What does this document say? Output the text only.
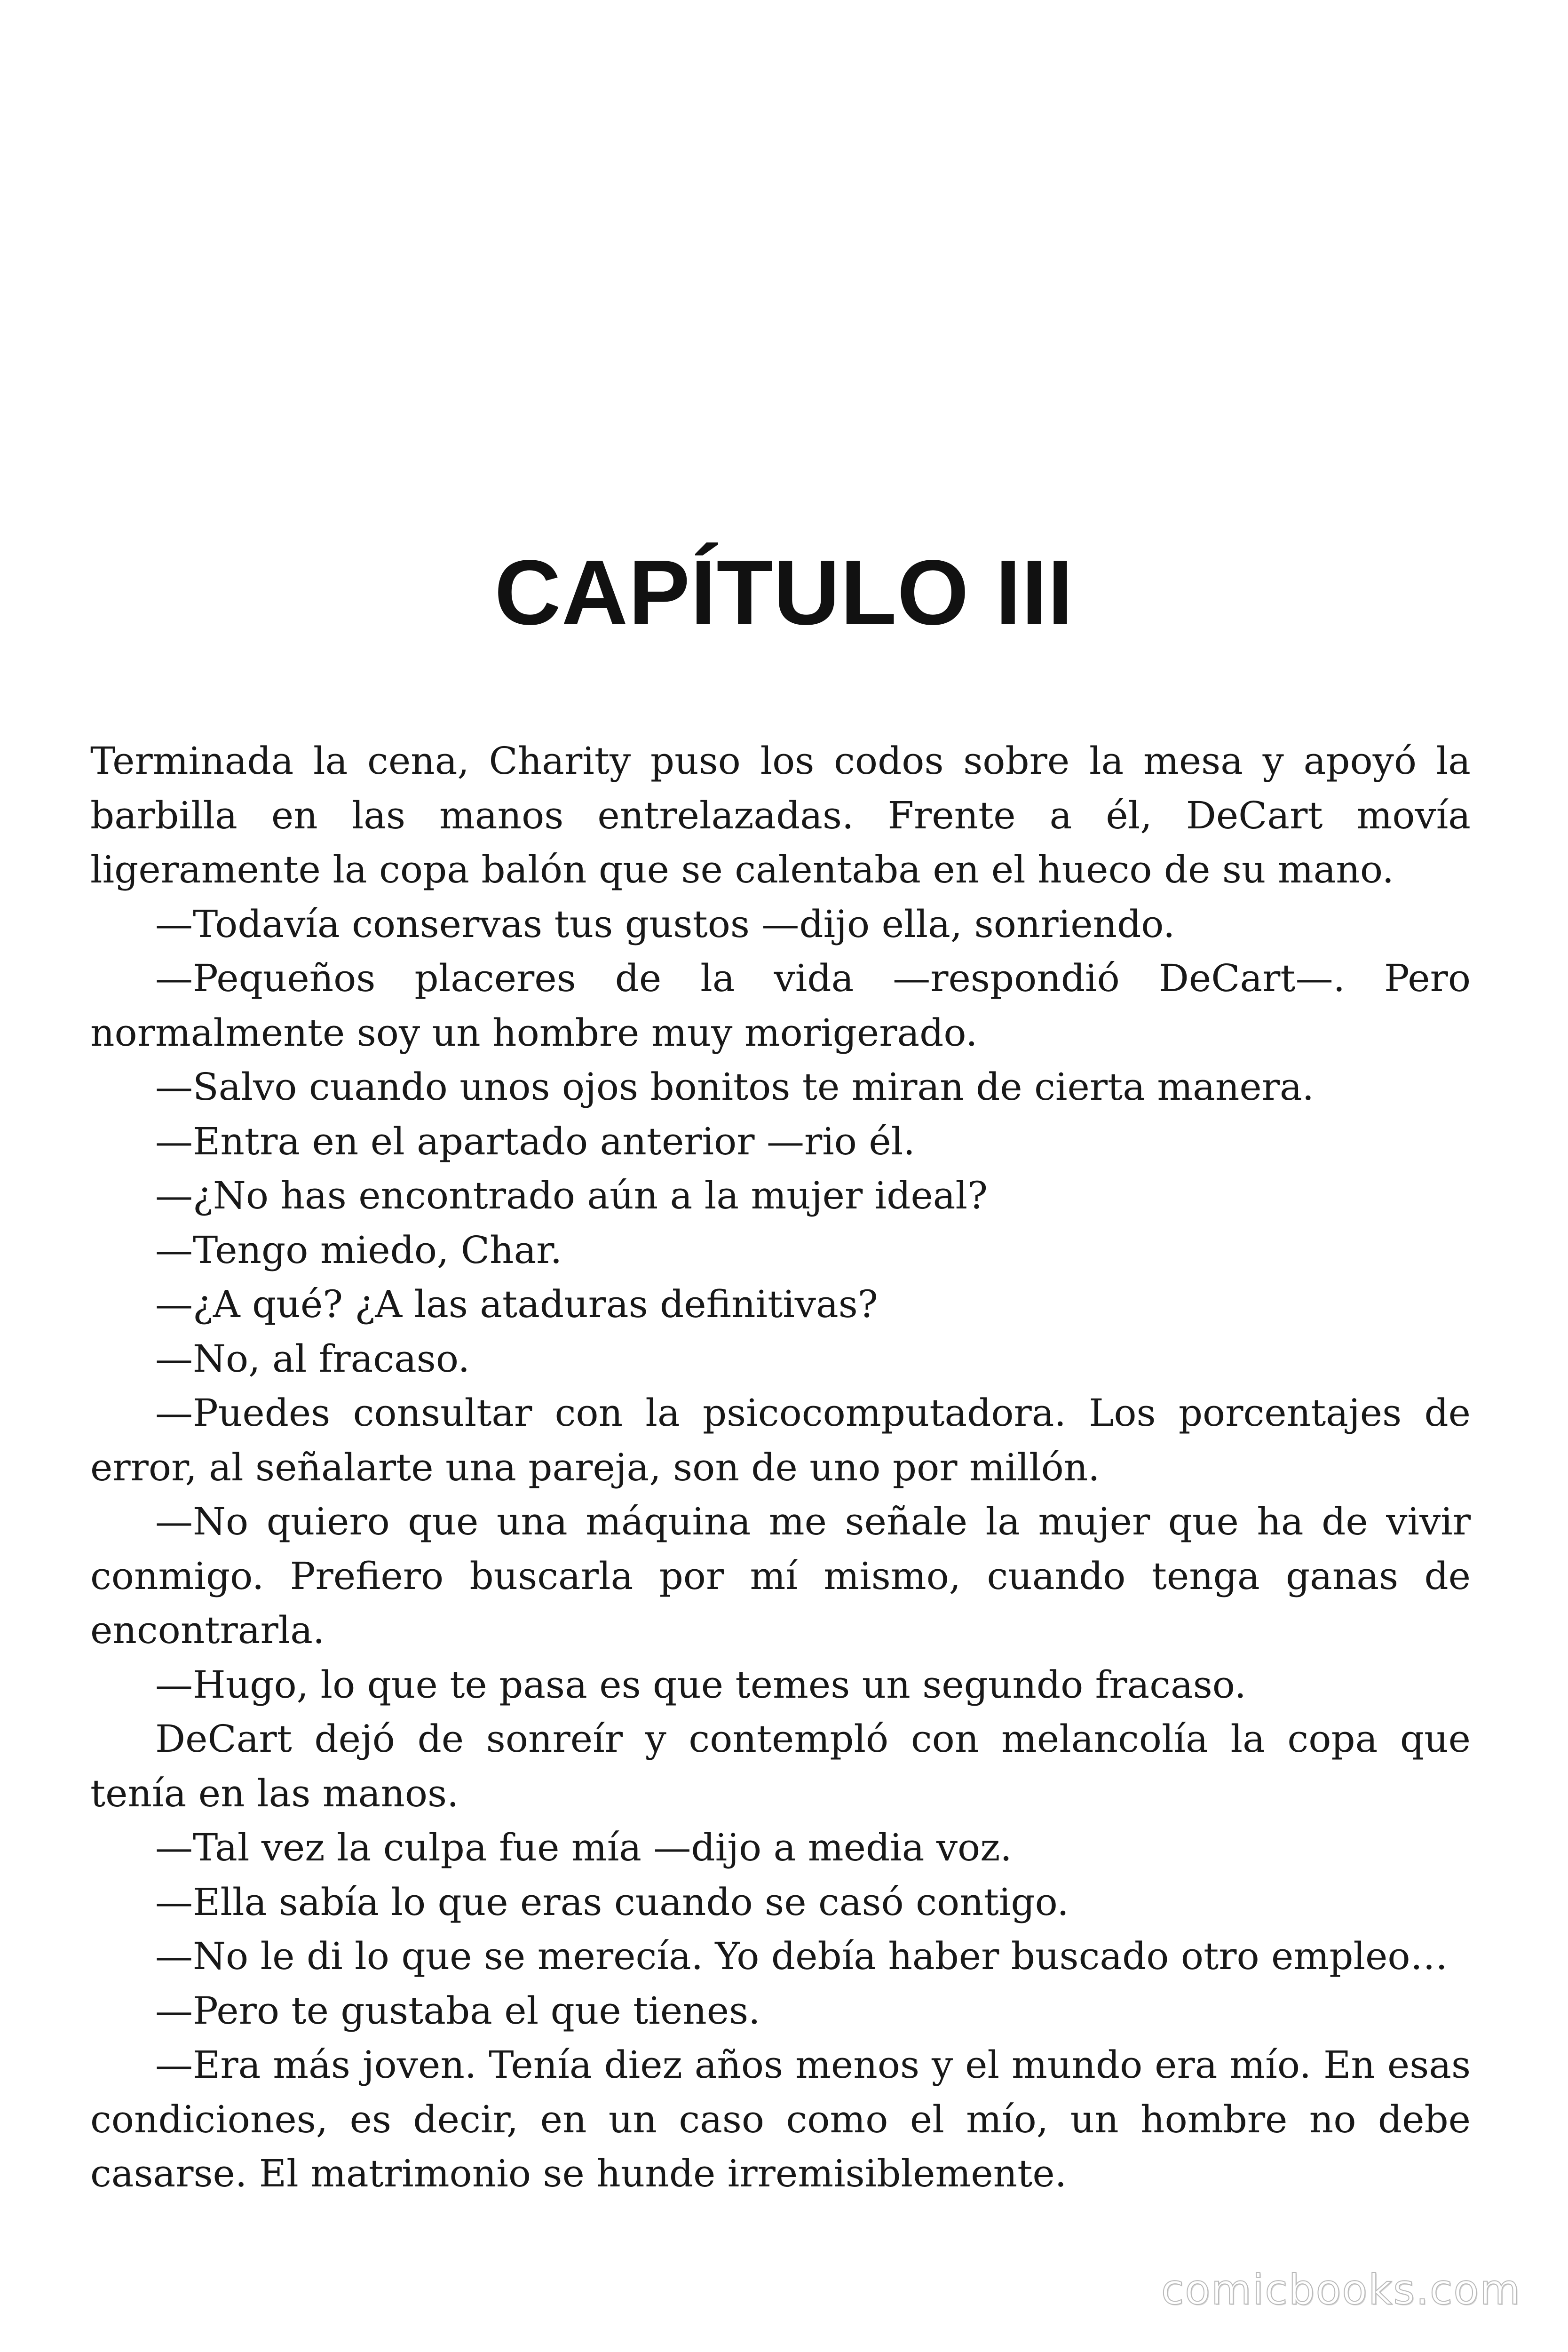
CAPÍTULO III

Terminada la cena, Charity puso los codos sobre la mesa y apoyó la barbilla en las manos entrelazadas. Frente a él, DeCart movía ligeramente la copa balón que se calentaba en el hueco de su mano.

—Todavía conservas tus gustos —dijo ella, sonriendo.

—Pequeños placeres de la vida —respondió DeCart—. Pero normalmente soy un hombre muy morigerado.

—Salvo cuando unos ojos bonitos te miran de cierta manera.

—Entra en el apartado anterior —rio él.

—¿No has encontrado aún a la mujer ideal?

—Tengo miedo, Char.

—¿A qué? ¿A las ataduras definitivas?

—No, al fracaso.

—Puedes consultar con la psicocomputadora. Los porcentajes de error, al señalarte una pareja, son de uno por millón.

—No quiero que una máquina me señale la mujer que ha de vivir conmigo. Prefiero buscarla por mí mismo, cuando tenga ganas de encontrarla.

—Hugo, lo que te pasa es que temes un segundo fracaso.

DeCart dejó de sonreír y contempló con melancolía la copa que tenía en las manos.

—Tal vez la culpa fue mía —dijo a media voz.

—Ella sabía lo que eras cuando se casó contigo.

—No le di lo que se merecía. Yo debía haber buscado otro empleo…

—Pero te gustaba el que tienes.

—Era más joven. Tenía diez años menos y el mundo era mío. En esas condiciones, es decir, en un caso como el mío, un hombre no debe casarse. El matrimonio se hunde irremisiblemente.

comicbooks.com
